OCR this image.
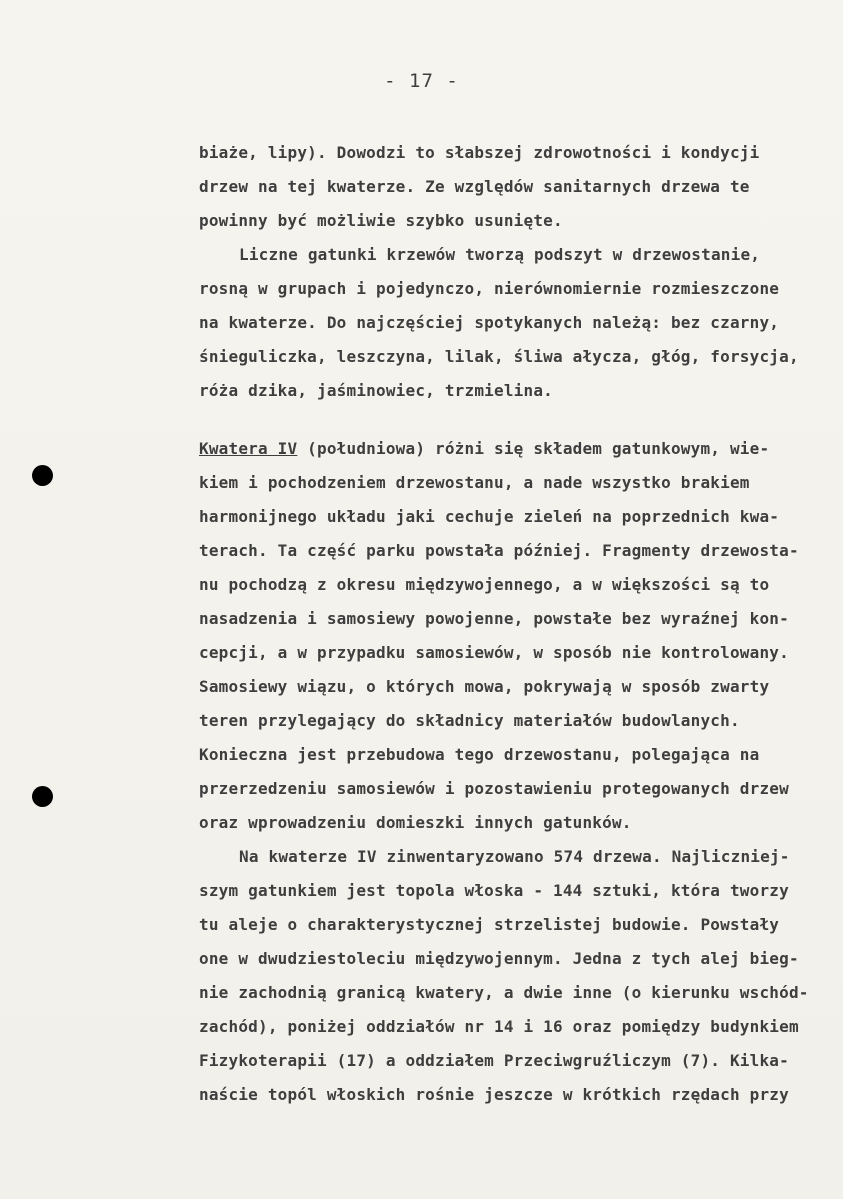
- 17 -
biaże, lipy). Dowodzi to słabszej zdrowotności i kondycji
drzew na tej kwaterze. Ze względów sanitarnych drzewa te
powinny być możliwie szybko usunięte.
Liczne gatunki krzewów tworzą podszyt w drzewostanie,
rosną w grupach i pojedynczo, nierównomiernie rozmieszczone
na kwaterze. Do najczęściej spotykanych należą: bez czarny,
śnieguliczka, leszczyna, lilak, śliwa ałycza, głóg, forsycja,
róża dzika, jaśminowiec, trzmielina.
Kwatera IV (południowa) różni się składem gatunkowym, wie-
kiem i pochodzeniem drzewostanu, a nade wszystko brakiem
harmonijnego układu jaki cechuje zieleń na poprzednich kwa-
terach. Ta część parku powstała później. Fragmenty drzewosta-
nu pochodzą z okresu międzywojennego, a w większości są to
nasadzenia i samosiewy powojenne, powstałe bez wyraźnej kon-
cepcji, a w przypadku samosiewów, w sposób nie kontrolowany.
Samosiewy wiązu, o których mowa, pokrywają w sposób zwarty
teren przylegający do składnicy materiałów budowlanych.
Konieczna jest przebudowa tego drzewostanu, polegająca na
przerzedzeniu samosiewów i pozostawieniu protegowanych drzew
oraz wprowadzeniu domieszki innych gatunków.
Na kwaterze IV zinwentaryzowano 574 drzewa. Najliczniej-
szym gatunkiem jest topola włoska - 144 sztuki, która tworzy
tu aleje o charakterystycznej strzelistej budowie. Powstały
one w dwudziestoleciu międzywojennym. Jedna z tych alej bieg-
nie zachodnią granicą kwatery, a dwie inne (o kierunku wschód-
zachód), poniżej oddziałów nr 14 i 16 oraz pomiędzy budynkiem
Fizykoterapii (17) a oddziałem Przeciwgruźliczym (7). Kilka-
naście topól włoskich rośnie jeszcze w krótkich rzędach przy
